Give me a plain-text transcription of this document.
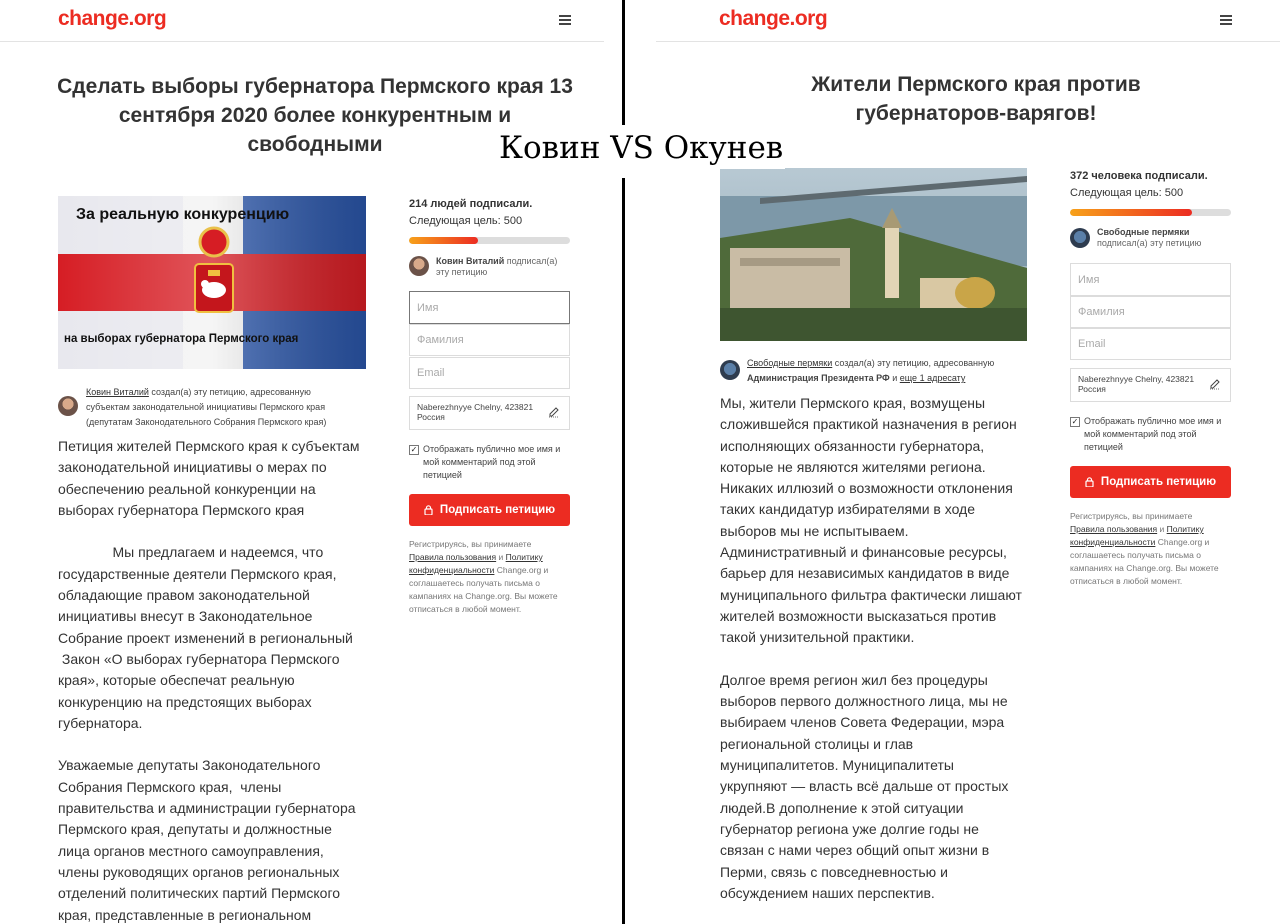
change.org
Сделать выборы губернатора Пермского края 13 сентября 2020 более конкурентным и свободными
За реальную конкуренцию
на выборах губернатора Пермского края
Ковин Виталий создал(а) эту петицию, адресованную
субъектам законодательной инициативы Пермского края
(депутатам Законодательного Собрания Пермского края)
Петиция жителей Пермского края к субъектам
законодательной инициативы о мерах по
обеспечению реальной конкуренции на
выборах губернатора Пермского края

Мы предлагаем и надеемся, что
государственные деятели Пермского края,
обладающие правом законодательной
инициативы внесут в Законодательное
Собрание проект изменений в региональный
Закон «О выборах губернатора Пермского
края», которые обеспечат реальную
конкуренцию на предстоящих выборах
губернатора.

Уважаемые депутаты Законодательного
Собрания Пермского края,  члены
правительства и администрации губернатора
Пермского края, депутаты и должностные
лица органов местного самоуправления,
члены руководящих органов региональных
отделений политических партий Пермского
края, представленные в региональном
214 людей подписали.
Следующая цель: 500
Ковин Виталий подписал(а)
эту петицию
Имя
Фамилия
Email
Naberezhnyye Chelny, 423821
Россия
✓ Отображать публично мое имя и
мой комментарий под этой
петицией
Подписать петицию
Регистрируясь, вы принимаете
Правила пользования и Политику
конфиденциальности Change.org и
соглашаетесь получать письма о
кампаниях на Change.org. Вы можете
отписаться в любой момент.
change.org
Жители Пермского края против губернаторов-варягов!
Свободные пермяки создал(а) эту петицию, адресованную
Администрация Президента РФ и еще 1 адресату
Мы, жители Пермского края, возмущены
сложившейся практикой назначения в регион
исполняющих обязанности губернатора,
которые не являются жителями региона.
Никаких иллюзий о возможности отклонения
таких кандидатур избирателями в ходе
выборов мы не испытываем.
Административный и финансовые ресурсы,
барьер для независимых кандидатов в виде
муниципального фильтра фактически лишают
жителей возможности высказаться против
такой унизительной практики.

Долгое время регион жил без процедуры
выборов первого должностного лица, мы не
выбираем членов Совета Федерации, мэра
региональной столицы и глав
муниципалитетов. Муниципалитеты
укрупняют — власть всё дальше от простых
людей.В дополнение к этой ситуации
губернатор региона уже долгие годы не
связан с нами через общий опыт жизни в
Перми, связь с повседневностью и
обсуждением наших перспектив.
372 человека подписали.
Следующая цель: 500
Свободные пермяки
подписал(а) эту петицию
Имя
Фамилия
Email
Naberezhnyye Chelny, 423821
Россия
✓ Отображать публично мое имя и
мой комментарий под этой
петицией
Подписать петицию
Регистрируясь, вы принимаете
Правила пользования и Политику
конфиденциальности Change.org и
соглашаетесь получать письма о
кампаниях на Change.org. Вы можете
отписаться в любой момент.
Ковин VS Окунев
